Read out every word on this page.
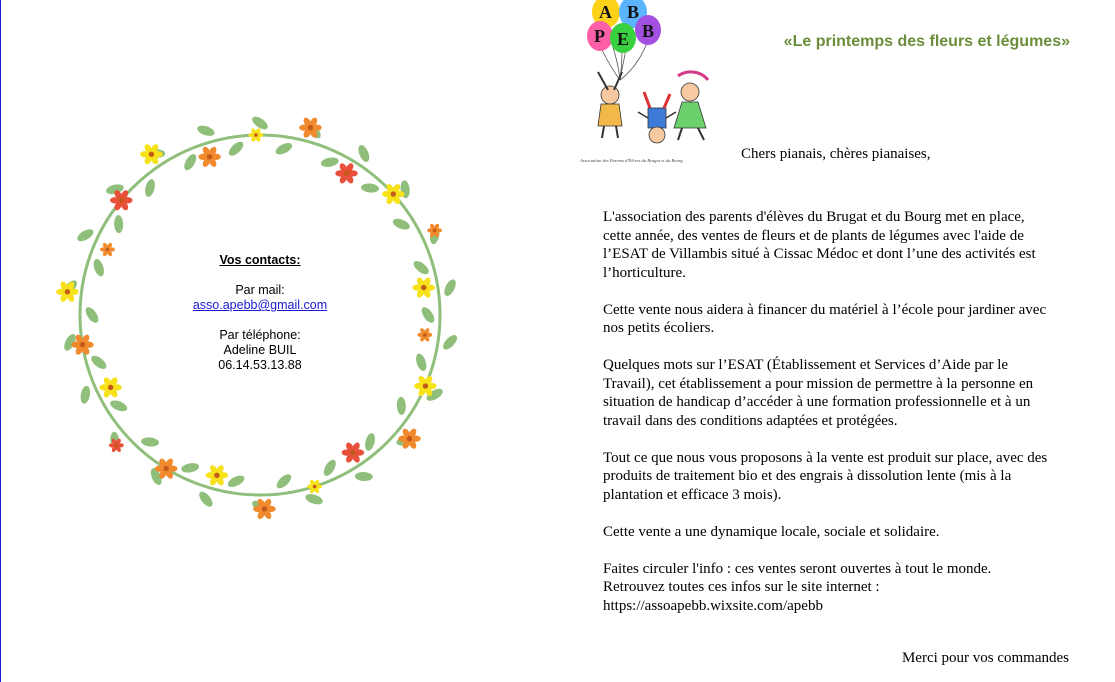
Vos contacts:
Par mail:
asso.apebb@gmail.com
Par téléphone:
Adeline BUIL
06.14.53.13.88
A B
P E B
Association des Parents d'Élèves du Brugat et du Bourg
«Le printemps des fleurs et légumes»
Chers pianais, chères pianaises,

L'association des parents d'élèves du Brugat et du Bourg met en place, cette année, des ventes de fleurs et de plants de légumes avec l'aide de l’ESAT de Villambis situé à Cissac Médoc et dont l’une des activités est l’horticulture.

Cette vente nous aidera à financer du matériel à l’école pour jardiner avec nos petits écoliers.

Quelques mots sur l’ESAT (Établissement et Services d’Aide par le Travail), cet établissement a pour mission de permettre à la personne en situation de handicap d’accéder à une formation professionnelle et à un travail dans des conditions adaptées et protégées.

Tout ce que nous vous proposons à la vente est produit sur place, avec des produits de traitement bio et des engrais à dissolution lente (mis à la plantation et efficace 3 mois).

Cette vente a une dynamique locale, sociale et solidaire.

Faites circuler l'info : ces ventes seront ouvertes à tout le monde.
Retrouvez toutes ces infos sur le site internet :
https://assoapebb.wixsite.com/apebb

Merci pour vos commandes
